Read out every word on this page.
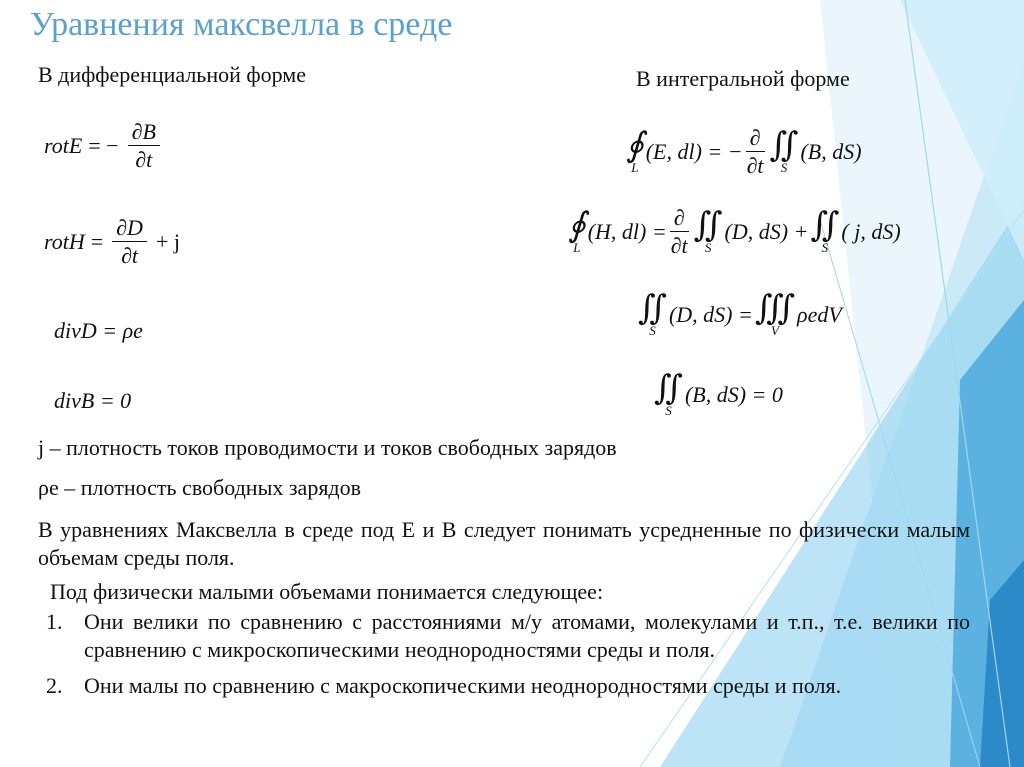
Уравнения максвелла в среде
В дифференциальной форме	В интегральной форме
rotE = − $\frac{\partial B}{\partial t}$
rotH = $\frac{\partial D}{\partial t} + j$
divD = ρe
divB = 0
∮
L
(E, dl) = − $\frac{\partial}{\partial t}$ ∬
S
(B, dS)
∮
L
(H, $dl) = \frac{\partial}{\partial t}$ ∬
S
(D, dS) + ∬
S
( j, dS)
∬
S
(D, dS) = ∭
V
ρedV
∬
S
(B, dS) = 0
j – плотность токов проводимости и токов свободных зарядов
ρe – плотность свободных зарядов
В уравнениях Максвелла в среде под E и B следует понимать усредненные по физически малым объемам среды поля.
Под физически малыми объемами понимается следующее:
1. Они велики по сравнению с расстояниями м/у атомами, молекулами и т.п., т.е. велики по сравнению с микроскопическими неоднородностями среды и поля.
2. Они малы по сравнению с макроскопическими неоднородностями среды и поля.
